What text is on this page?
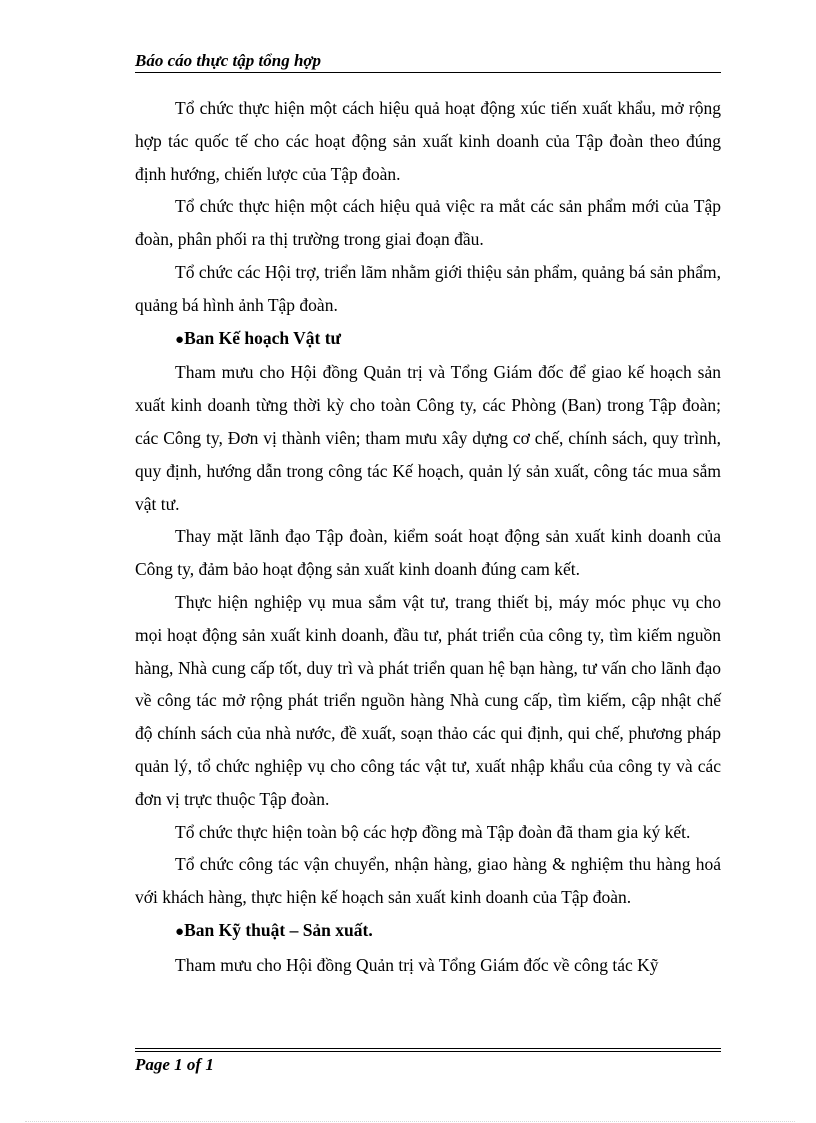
Báo cáo thực tập tổng hợp

Tổ chức thực hiện một cách hiệu quả hoạt động xúc tiến xuất khẩu, mở rộng hợp tác quốc tế cho các hoạt động sản xuất kinh doanh của Tập đoàn theo đúng định hướng, chiến lược của Tập đoàn.

Tổ chức thực hiện một cách hiệu quả việc ra mắt các sản phẩm mới của Tập đoàn, phân phối ra thị trường trong giai đoạn đầu.

Tổ chức các Hội trợ, triển lãm nhằm giới thiệu sản phẩm, quảng bá sản phẩm, quảng bá hình ảnh Tập đoàn.

●Ban Kế hoạch Vật tư

Tham mưu cho Hội đồng Quản trị và Tổng Giám đốc để giao kế hoạch sản xuất kinh doanh từng thời kỳ cho toàn Công ty, các Phòng (Ban) trong Tập đoàn; các Công ty, Đơn vị thành viên; tham mưu xây dựng cơ chế, chính sách, quy trình, quy định, hướng dẫn trong công tác Kế hoạch, quản lý sản xuất, công tác mua sắm vật tư.

Thay mặt lãnh đạo Tập đoàn, kiểm soát hoạt động sản xuất kinh doanh của Công ty, đảm bảo hoạt động sản xuất kinh doanh đúng cam kết.

Thực hiện nghiệp vụ mua sắm vật tư, trang thiết bị, máy móc phục vụ cho mọi hoạt động sản xuất kinh doanh, đầu tư, phát triển của công ty, tìm kiếm nguồn hàng, Nhà cung cấp tốt, duy trì và phát triển quan hệ bạn hàng, tư vấn cho lãnh đạo về công tác mở rộng phát triển nguồn hàng Nhà cung cấp, tìm kiếm, cập nhật chế độ chính sách của nhà nước, đề xuất, soạn thảo các qui định, qui chế, phương pháp quản lý, tổ chức nghiệp vụ cho công tác vật tư, xuất nhập khẩu của công ty và các đơn vị trực thuộc Tập đoàn.

Tổ chức thực hiện toàn bộ các hợp đồng mà Tập đoàn đã tham gia ký kết.

Tổ chức công tác vận chuyển, nhận hàng, giao hàng & nghiệm thu hàng hoá với khách hàng, thực hiện kế hoạch sản xuất kinh doanh của Tập đoàn.

●Ban Kỹ thuật – Sản xuất.

Tham mưu cho Hội đồng Quản trị và Tổng Giám đốc về công tác Kỹ

Page 1 of 1
